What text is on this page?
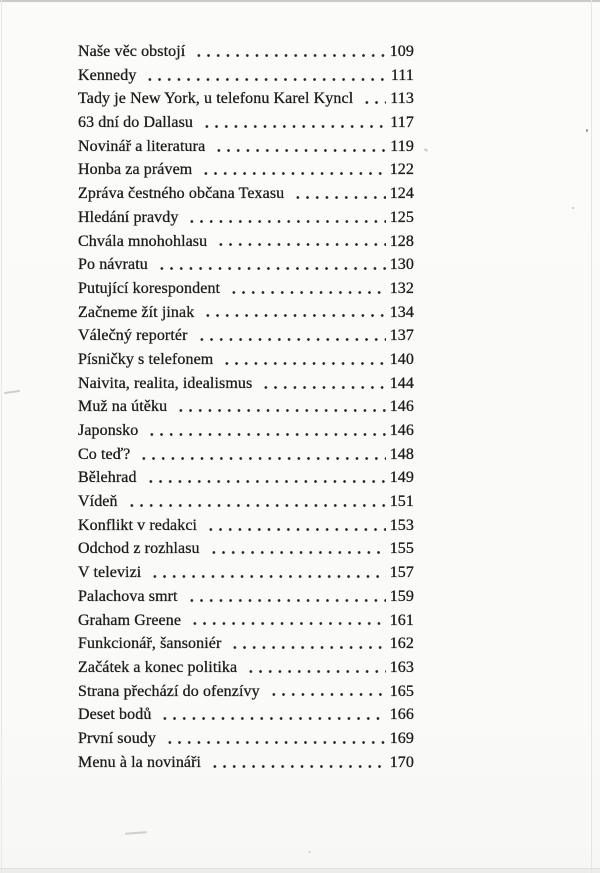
Naše věc obstojí	109
Kennedy	111
Tady je New York, u telefonu Karel Kyncl 113
63 dní do Dallasu	117
Novinář a literatura	119
Honba za právem	122
Zpráva čestného občana Texasu	124
Hledání pravdy	125
Chvála mnohohlasu	128
Po návratu	130
Putující korespondent	132
Začneme žít jinak	134
Válečný reportér	137
Písničky s telefonem	140
Naivita, realita, idealismus	144
Muž na útěku	146
Japonsko	146
Co teď?	148
Bělehrad	149
Vídeň	151
Konflikt v redakci	153
Odchod z rozhlasu	155
V televizi	157
Palachova smrt	159
Graham Greene	161
Funkcionář, šansoniér	162
Začátek a konec politika	163
Strana přechází do ofenzívy	165
Deset bodů	166
První soudy	169
Menu à la novináři	170
